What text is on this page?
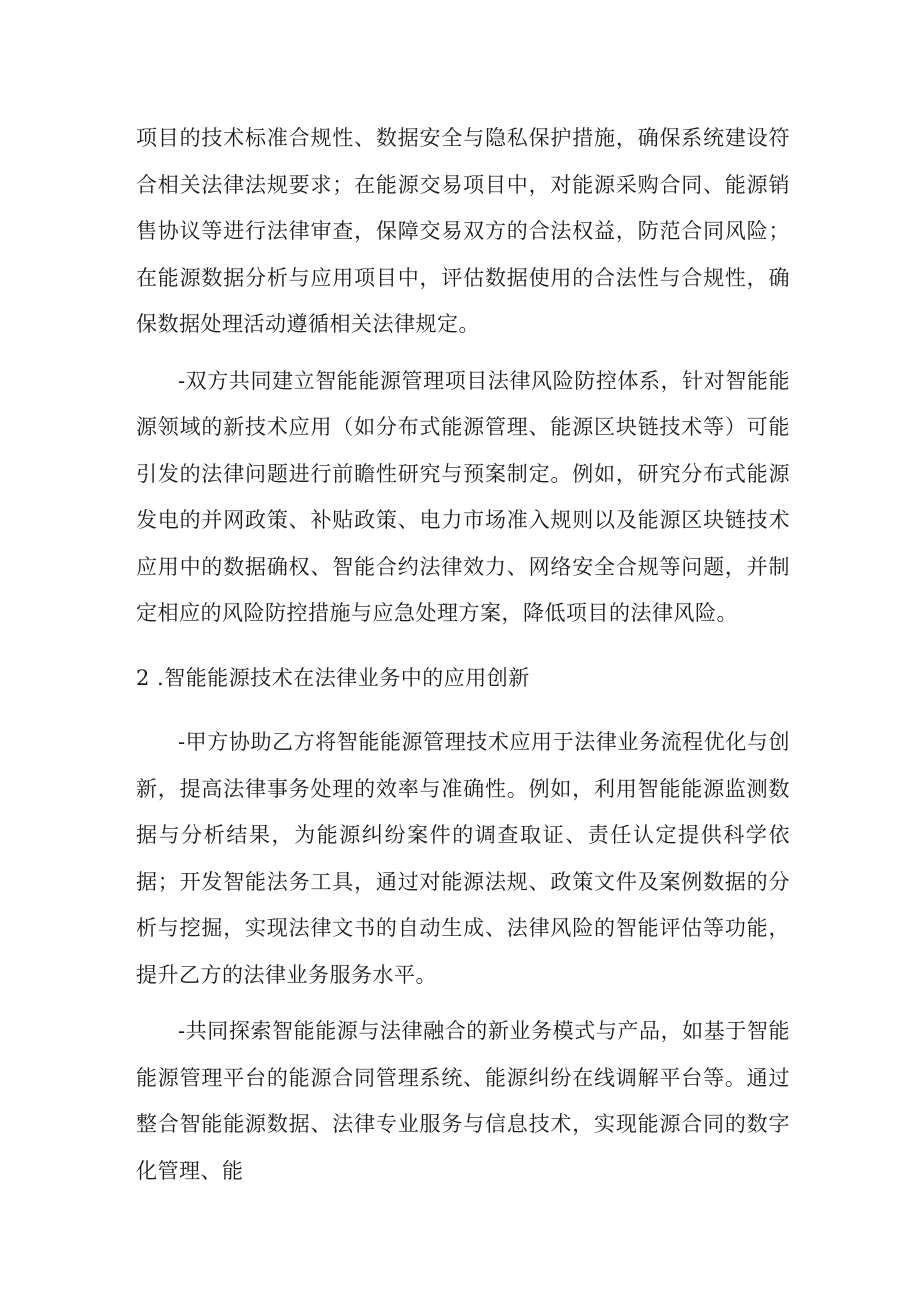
项目的技术标准合规性、数据安全与隐私保护措施，确保系统建设符合相关法律法规要求；在能源交易项目中，对能源采购合同、能源销售协议等进行法律审查，保障交易双方的合法权益，防范合同风险；在能源数据分析与应用项目中，评估数据使用的合法性与合规性，确保数据处理活动遵循相关法律规定。

-双方共同建立智能能源管理项目法律风险防控体系，针对智能能源领域的新技术应用（如分布式能源管理、能源区块链技术等）可能引发的法律问题进行前瞻性研究与预案制定。例如，研究分布式能源发电的并网政策、补贴政策、电力市场准入规则以及能源区块链技术应用中的数据确权、智能合约法律效力、网络安全合规等问题，并制定相应的风险防控措施与应急处理方案，降低项目的法律风险。

2 .智能能源技术在法律业务中的应用创新

-甲方协助乙方将智能能源管理技术应用于法律业务流程优化与创新，提高法律事务处理的效率与准确性。例如，利用智能能源监测数据与分析结果，为能源纠纷案件的调查取证、责任认定提供科学依据；开发智能法务工具，通过对能源法规、政策文件及案例数据的分析与挖掘，实现法律文书的自动生成、法律风险的智能评估等功能，提升乙方的法律业务服务水平。

-共同探索智能能源与法律融合的新业务模式与产品，如基于智能能源管理平台的能源合同管理系统、能源纠纷在线调解平台等。通过整合智能能源数据、法律专业服务与信息技术，实现能源合同的数字化管理、能
